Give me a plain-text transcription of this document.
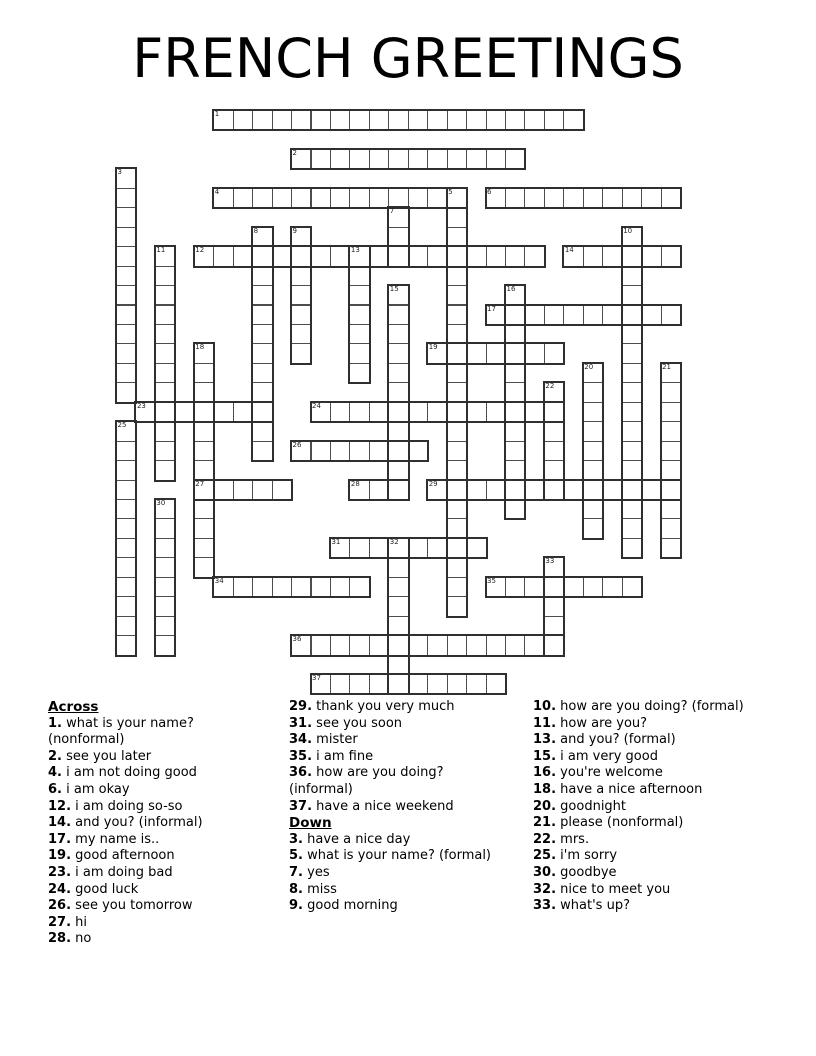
FRENCH GREETINGS
1
2
4	6
12	14
17
19
23	24
26
27	28	29
31
34	35
36
37
3
5
7
8	9	10
11	13
15	16
18
20	21
22
25
30
32
33
Across
1. what is your name? (nonformal)
2. see you later
4. i am not doing good
6. i am okay
12. i am doing so-so
14. and you? (informal)
17. my name is..
19. good afternoon
23. i am doing bad
24. good luck
26. see you tomorrow
27. hi
28. no
29. thank you very much
31. see you soon
34. mister
35. i am fine
36. how are you doing? (informal)
37. have a nice weekend
Down
3. have a nice day
5. what is your name? (formal)
7. yes
8. miss
9. good morning
10. how are you doing? (formal)
11. how are you?
13. and you? (formal)
15. i am very good
16. you're welcome
18. have a nice afternoon
20. goodnight
21. please (nonformal)
22. mrs.
25. i'm sorry
30. goodbye
32. nice to meet you
33. what's up?
